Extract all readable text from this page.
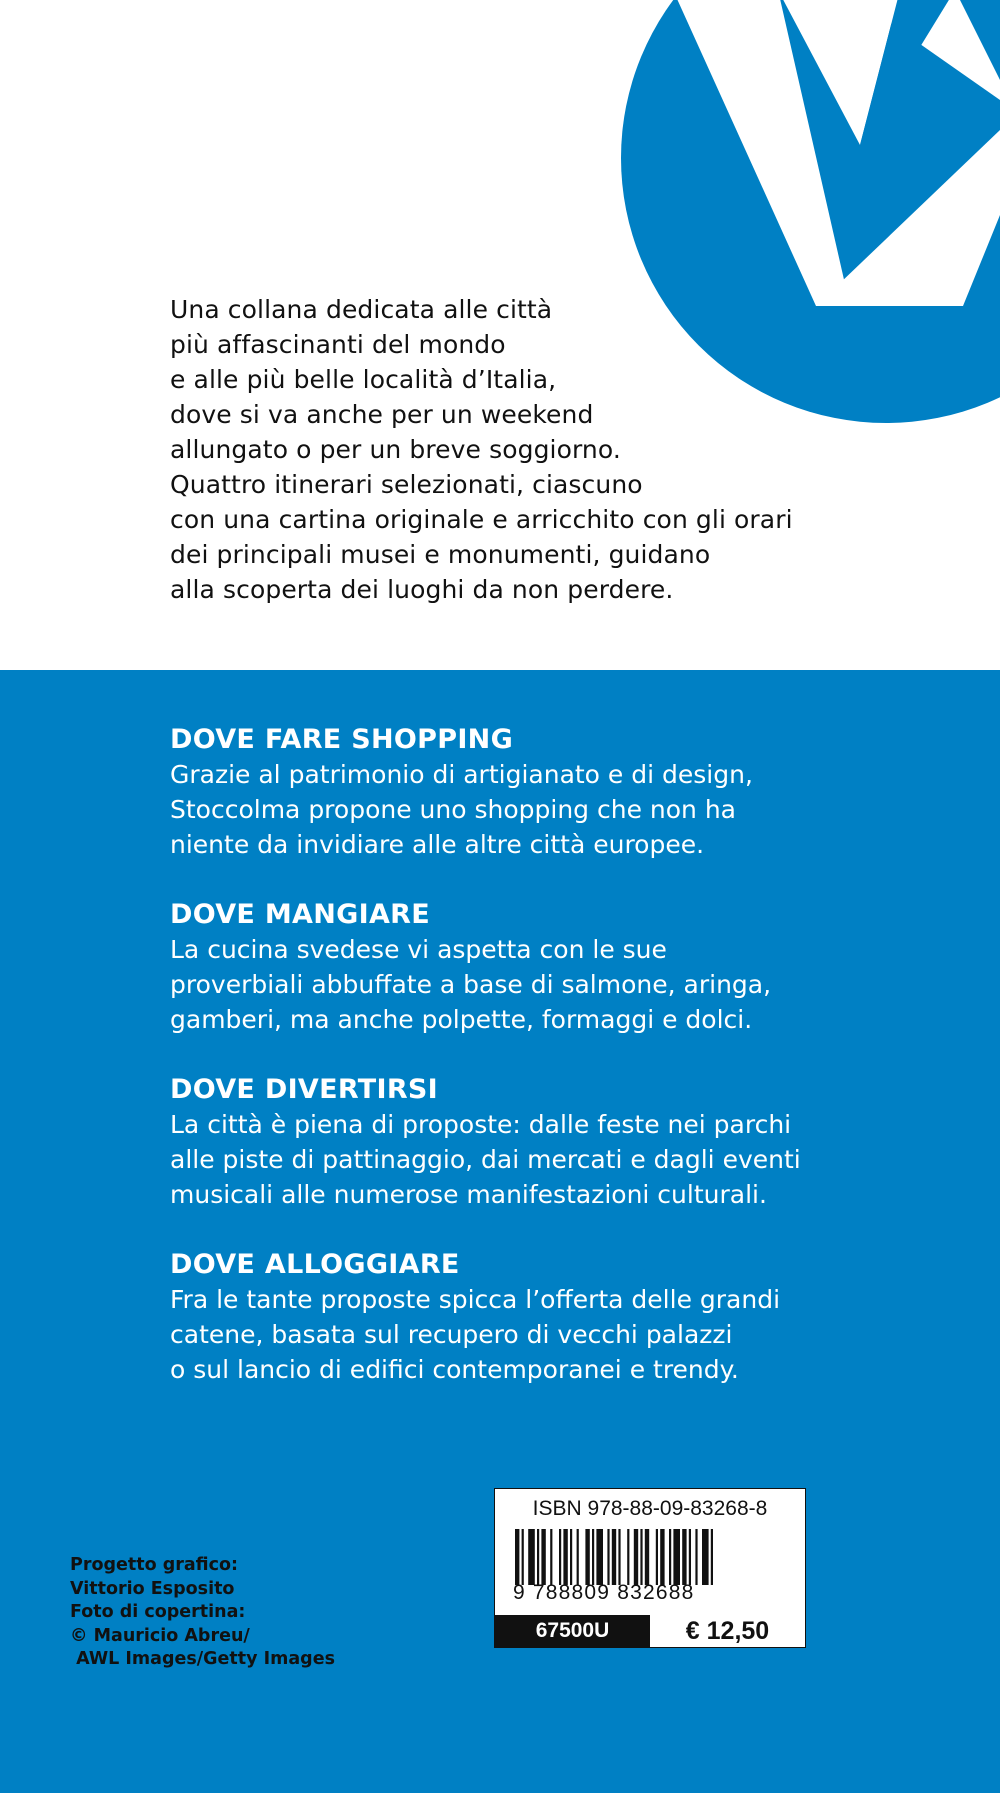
Una collana dedicata alle città
più affascinanti del mondo
e alle più belle località d’Italia,
dove si va anche per un weekend
allungato o per un breve soggiorno.
Quattro itinerari selezionati, ciascuno
con una cartina originale e arricchito con gli orari
dei principali musei e monumenti, guidano
alla scoperta dei luoghi da non perdere.
DOVE FARE SHOPPING
Grazie al patrimonio di artigianato e di design,
Stoccolma propone uno shopping che non ha
niente da invidiare alle altre città europee.
DOVE MANGIARE
La cucina svedese vi aspetta con le sue
proverbiali abbuffate a base di salmone, aringa,
gamberi, ma anche polpette, formaggi e dolci.
DOVE DIVERTIRSI
La città è piena di proposte: dalle feste nei parchi
alle piste di pattinaggio, dai mercati e dagli eventi
musicali alle numerose manifestazioni culturali.
DOVE ALLOGGIARE
Fra le tante proposte spicca l’offerta delle grandi
catene, basata sul recupero di vecchi palazzi
o sul lancio di edifici contemporanei e trendy.
Progetto grafico:
Vittorio Esposito
Foto di copertina:
© Mauricio Abreu/
AWL Images/Getty Images
ISBN 978-88-09-83268-8
9 788809 832688
67500U	€ 12,50
